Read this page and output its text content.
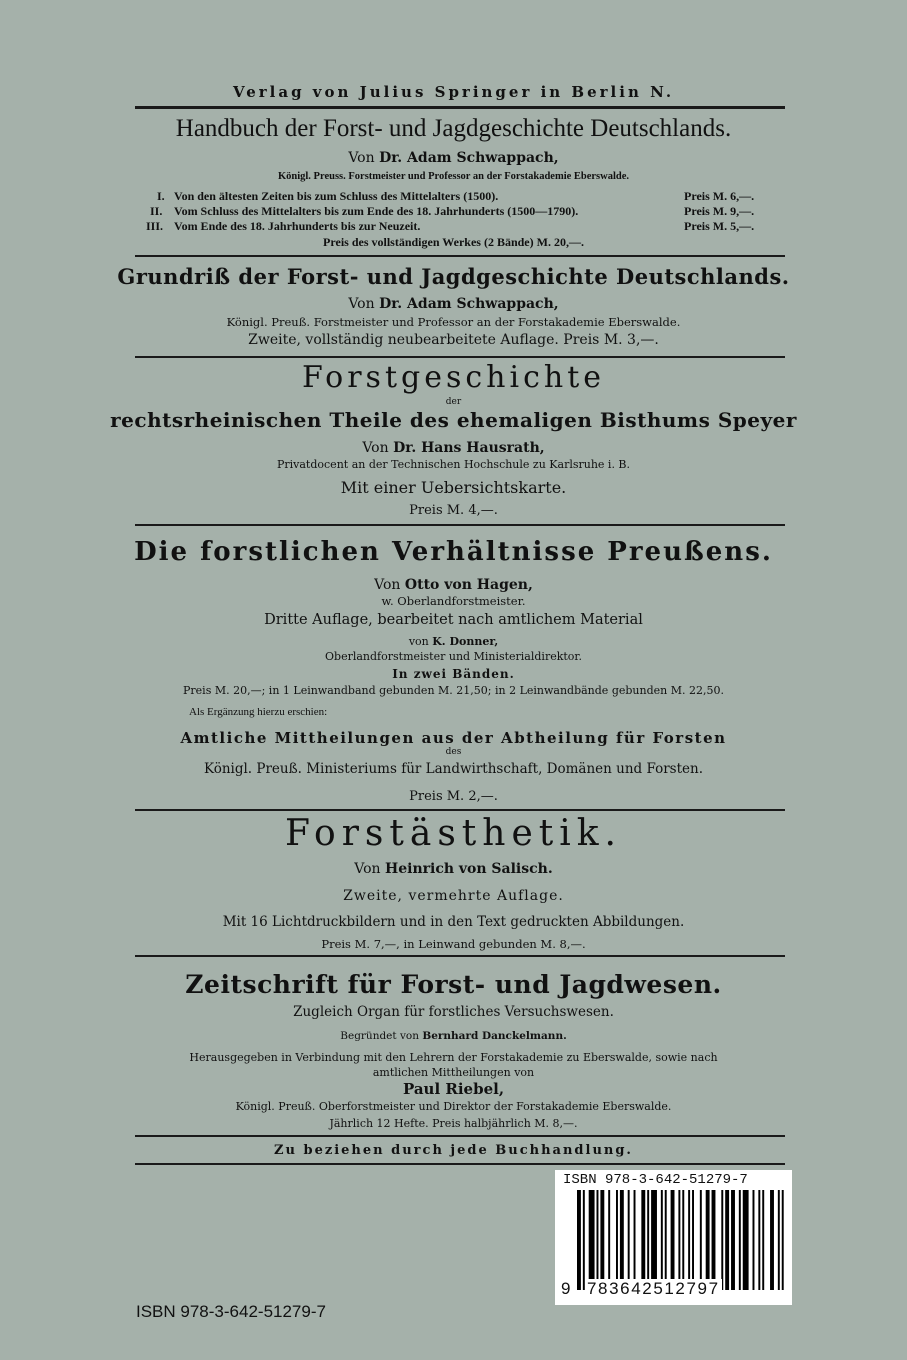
Verlag von Julius Springer in Berlin N.
Handbuch der Forst- und Jagdgeschichte Deutschlands.
Von Dr. Adam Schwappach,
Königl. Preuss. Forstmeister und Professor an der Forstakademie Eberswalde.
I. Von den ältesten Zeiten bis zum Schluss des Mittelalters (1500).	Preis M. 6,—.
II. Vom Schluss des Mittelalters bis zum Ende des 18. Jahrhunderts (1500—1790).	Preis M. 9,—.
III. Vom Ende des 18. Jahrhunderts bis zur Neuzeit.	Preis M. 5,—.
Preis des vollständigen Werkes (2 Bände) M. 20,—.
Grundriß der Forst- und Jagdgeschichte Deutschlands.
Von Dr. Adam Schwappach,
Königl. Preuß. Forstmeister und Professor an der Forstakademie Eberswalde.
Zweite, vollständig neubearbeitete Auflage. Preis M. 3,—.
Forstgeschichte
der
rechtsrheinischen Theile des ehemaligen Bisthums Speyer
Von Dr. Hans Hausrath,
Privatdocent an der Technischen Hochschule zu Karlsruhe i. B.
Mit einer Uebersichtskarte.
Preis M. 4,—.
Die forstlichen Verhältnisse Preußens.
Von Otto von Hagen,
w. Oberlandforstmeister.
Dritte Auflage, bearbeitet nach amtlichem Material
von K. Donner,
Oberlandforstmeister und Ministerialdirektor.
In zwei Bänden.
Preis M. 20,—; in 1 Leinwandband gebunden M. 21,50; in 2 Leinwandbände gebunden M. 22,50.
Als Ergänzung hierzu erschien:
Amtliche Mittheilungen aus der Abtheilung für Forsten
des
Königl. Preuß. Ministeriums für Landwirthschaft, Domänen und Forsten.
Preis M. 2,—.
Forstästhetik.
Von Heinrich von Salisch.
Zweite, vermehrte Auflage.
Mit 16 Lichtdruckbildern und in den Text gedruckten Abbildungen.
Preis M. 7,—, in Leinwand gebunden M. 8,—.
Zeitschrift für Forst- und Jagdwesen.
Zugleich Organ für forstliches Versuchswesen.
Begründet von Bernhard Danckelmann.
Herausgegeben in Verbindung mit den Lehrern der Forstakademie zu Eberswalde, sowie nach
amtlichen Mittheilungen von
Paul Riebel,
Königl. Preuß. Oberforstmeister und Direktor der Forstakademie Eberswalde.
Jährlich 12 Hefte. Preis halbjährlich M. 8,—.
Zu beziehen durch jede Buchhandlung.
ISBN 978-3-642-51279-7
ISBN 978-3-642-51279-7
9 783642512797
